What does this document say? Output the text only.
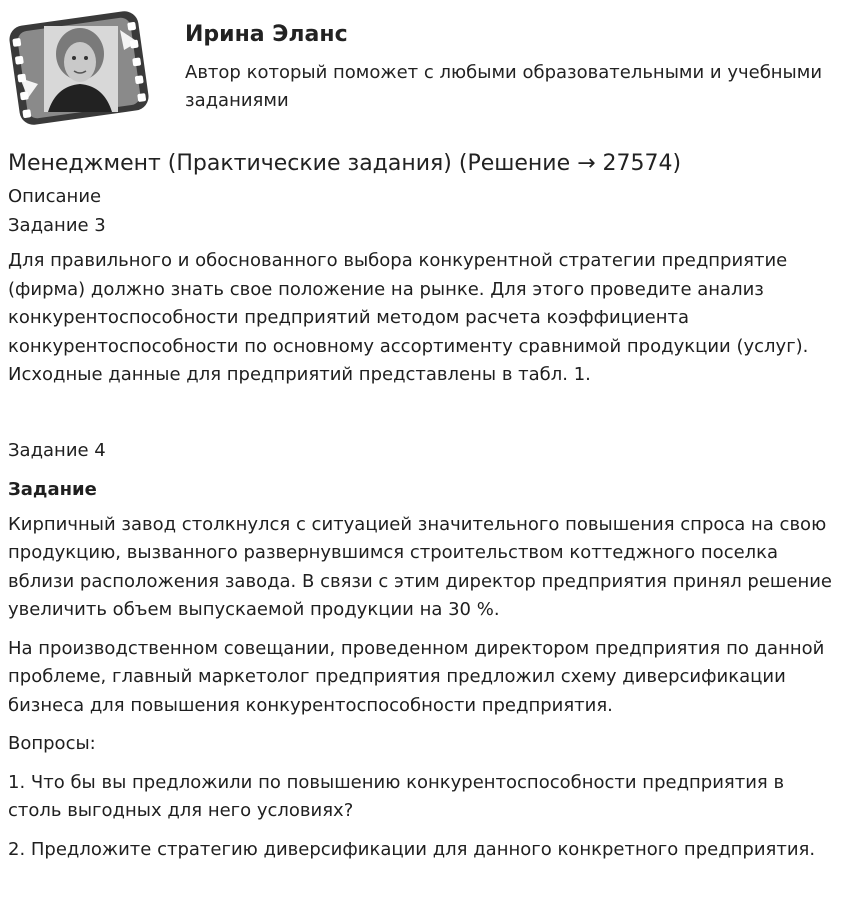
Ирина Эланс
Автор который поможет с любыми образовательными и учебными заданиями
Менеджмент (Практические задания) (Решение → 27574)

Описание

Задание 3

Для правильного и обоснованного выбора конкурентной стратегии предприятие (фирма) должно знать свое положение на рынке. Для этого проведите анализ конкурентоспособности предприятий методом расчета коэффициента конкурентоспособности по основному ассортименту сравнимой продукции (услуг). Исходные данные для предприятий представлены в табл. 1.

Задание 4

Задание

Кирпичный завод столкнулся с ситуацией значительного повышения спроса на свою продукцию, вызванного развернувшимся строительством коттеджного поселка вблизи расположения завода. В связи с этим директор предприятия принял решение увеличить объем выпускаемой продукции на 30 %.

На производственном совещании, проведенном директором предприятия по данной проблеме, главный маркетолог предприятия предложил схему диверсификации бизнеса для повышения конкурентоспособности предприятия.

Вопросы:

1. Что бы вы предложили по повышению конкурентоспособности предприятия в столь выгодных для него условиях?

2. Предложите стратегию диверсификации для данного конкретного предприятия.
